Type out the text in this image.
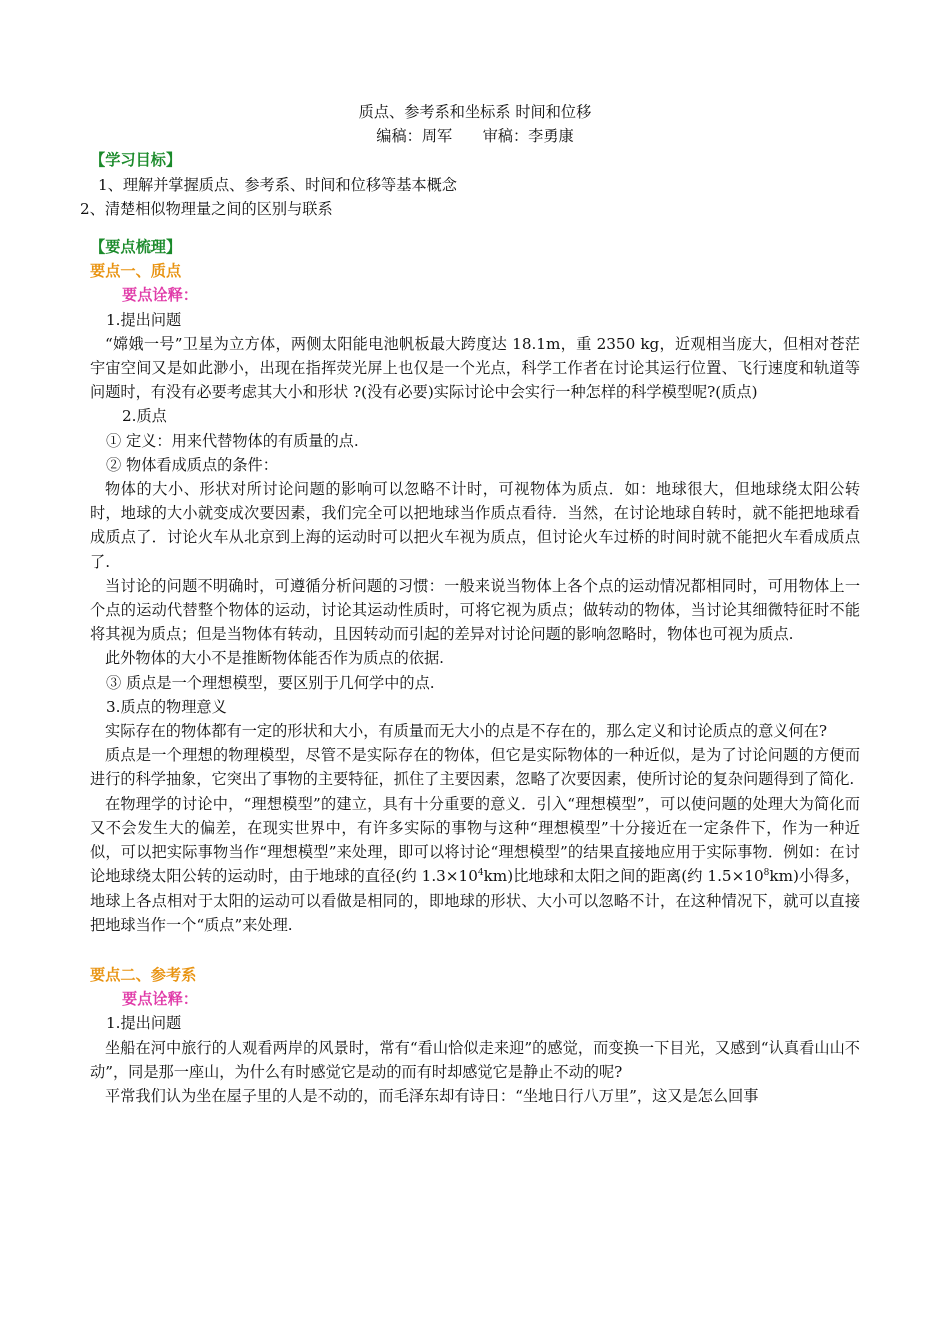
质点、参考系和坐标系 时间和位移

编稿：周军　　审稿：李勇康

【学习目标】

1、理解并掌握质点、参考系、时间和位移等基本概念

2、清楚相似物理量之间的区别与联系

【要点梳理】

要点一、质点

要点诠释：

1.提出问题

“嫦娥一号”卫星为立方体，两侧太阳能电池帆板最大跨度达 18.1m，重 2350 kg，近观相当庞大，但相对苍茫宇宙空间又是如此渺小，出现在指挥荧光屏上也仅是一个光点，科学工作者在讨论其运行位置、飞行速度和轨道等问题时，有没有必要考虑其大小和形状 ?(没有必要)实际讨论中会实行一种怎样的科学模型呢?(质点)

2.质点

① 定义：用来代替物体的有质量的点.

② 物体看成质点的条件：

物体的大小、形状对所讨论问题的影响可以忽略不计时，可视物体为质点．如：地球很大，但地球绕太阳公转时，地球的大小就变成次要因素，我们完全可以把地球当作质点看待．当然，在讨论地球自转时，就不能把地球看成质点了．讨论火车从北京到上海的运动时可以把火车视为质点，但讨论火车过桥的时间时就不能把火车看成质点了.

当讨论的问题不明确时，可遵循分析问题的习惯：一般来说当物体上各个点的运动情况都相同时，可用物体上一个点的运动代替整个物体的运动，讨论其运动性质时，可将它视为质点；做转动的物体，当讨论其细微特征时不能将其视为质点；但是当物体有转动，且因转动而引起的差异对讨论问题的影响忽略时，物体也可视为质点.

此外物体的大小不是推断物体能否作为质点的依据.

③ 质点是一个理想模型，要区别于几何学中的点.

3.质点的物理意义

实际存在的物体都有一定的形状和大小，有质量而无大小的点是不存在的，那么定义和讨论质点的意义何在?

质点是一个理想的物理模型，尽管不是实际存在的物体，但它是实际物体的一种近似，是为了讨论问题的方便而进行的科学抽象，它突出了事物的主要特征，抓住了主要因素，忽略了次要因素，使所讨论的复杂问题得到了简化.

在物理学的讨论中，“理想模型”的建立，具有十分重要的意义．引入“理想模型”，可以使问题的处理大为简化而又不会发生大的偏差，在现实世界中，有许多实际的事物与这种“理想模型”十分接近在一定条件下，作为一种近似，可以把实际事物当作“理想模型”来处理，即可以将讨论“理想模型”的结果直接地应用于实际事物．例如：在讨论地球绕太阳公转的运动时，由于地球的直径(约 $1.3\times 10^4km$)比地球和太阳之间的距离(约 $1.5\times 10^8km$)小得多，地球上各点相对于太阳的运动可以看做是相同的，即地球的形状、大小可以忽略不计，在这种情况下，就可以直接把地球当作一个“质点”来处理.

要点二、参考系

要点诠释：

1.提出问题

坐船在河中旅行的人观看两岸的风景时，常有“看山恰似走来迎”的感觉，而变换一下目光，又感到“认真看山山不动”，同是那一座山，为什么有时感觉它是动的而有时却感觉它是静止不动的呢?

平常我们认为坐在屋子里的人是不动的，而毛泽东却有诗日：“坐地日行八万里”，这又是怎么回事
